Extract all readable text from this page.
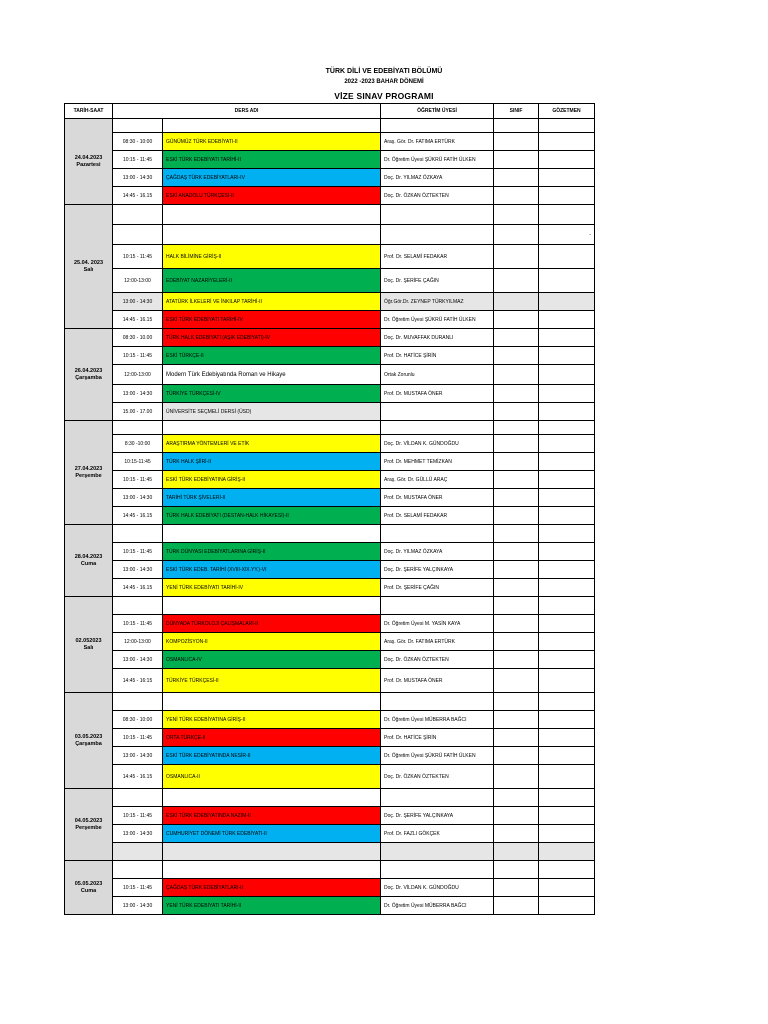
TÜRK DİLİ VE EDEBİYATI BÖLÜMÜ
2022 -2023 BAHAR DÖNEMİ
VİZE SINAV PROGRAMI
TARİH-SAAT	DERS ADI		ÖĞRETİM ÜYESİ	SINIF	GÖZETMEN

24.04.2023
Pazartesi					

	08:30 - 10:00	GÜNÜMÜZ TÜRK EDEBİYATI-II	Araş. Gör. Dr. FATIMA ERTÜRK		
	10:15 - 11:45	ESKİ TÜRK EDEBİYATI TARİHİ-II	Dr. Öğretim Üyesi ŞÜKRÜ FATİH ÜLKEN		
	13:00 - 14:30	ÇAĞDAŞ TÜRK EDEBİYATLARI-IV	Doç. Dr. YILMAZ ÖZKAYA		
	14:45 - 16.15	ESKİ ANADOLU TÜRKÇESİ-II	Doç. Dr. ÖZKAN ÖZTEKTEN		

25.04. 2023
Salı					

					-
	10:15 - 11:45	HALK BİLİMİNE GİRİŞ-II	Prof. Dr. SELAMİ FEDAKAR		
	12:00-13:00	EDEBİYAT NAZARİYELERİ-II	Doç. Dr. ŞERİFE ÇAĞIN		
	13:00 - 14:30	ATATÜRK İLKELERİ VE İNKILAP TARİHİ-II	Öğr.Gör.Dr. ZEYNEP TÜRKYILMAZ		
	14:45 - 16.15	ESKİ TÜRK EDEBİYATI TARİHİ-IV	Dr. Öğretim Üyesi ŞÜKRÜ FATİH ÜLKEN		

26.04.2023
Çarşamba	08:30 - 10.00	TÜRK HALK EDEBİYATI (AŞIK EDEBİYATI)-IV	Doç. Dr. MUVAFFAK DURANLI		
	10:15 - 11:45	ESKİ TÜRKÇE-II	Prof. Dr. HATİCE ŞİRİN		
	12:00-13:00	Modern Türk Edebiyatında Roman ve Hikaye	Ortak Zorunlu		
	13:00 - 14:30	TÜRKİYE TÜRKÇESİ-IV	Prof. Dr. MUSTAFA ÖNER		
	15.00 - 17.00	ÜNİVERSİTE SEÇMELİ DERSİ (ÜSD)			

27.04.2023
Perşembe					

	8:30 -10:00	ARAŞTIRMA YÖNTEMLERİ VE ETİK	Doç. Dr. VİLDAN K. GÜNDOĞDU		
	10:15-11:45	TÜRK HALK ŞİİRİ-II	Prof. Dr. MEHMET TEMİZKAN		
	10:15 - 11:45	ESKİ TÜRK EDEBİYATINA GİRİŞ-II	Araş. Gör. Dr. GÜLLÜ ARAÇ		
	13:00 - 14:30	TARİHİ TÜRK ŞİVELERİ-II	Prof. Dr. MUSTAFA ÖNER		
	14:45 - 16.15	TÜRK HALK EDEBİYATI (DESTAN-HALK HİKAYESİ)-II	Prof. Dr. SELAMİ FEDAKAR		

28.04.2023
Cuma					

	10:15 - 11:45	TÜRK DÜNYASI EDEBİYATLARINA GİRİŞ-II	Doç. Dr. YILMAZ ÖZKAYA		
	13:00 - 14:30	ESKİ TÜRK EDEB. TARİHİ (XVIII-XIX.YY.)-VI	Doç. Dr. ŞERİFE YALÇINKAYA		
	14:45 - 16.15	YENİ TÜRK EDEBİYATI TARİHİ-IV	Prof. Dr. ŞERİFE ÇAĞIN		

02.052023
Salı					

	10:15 - 11:45	DÜNYADA TÜRKOLOJİ ÇALIŞMALARI-II	Dr. Öğretim Üyesi M. YASİN KAYA		
	12:00-13:00	KOMPOZİSYON-II	Araş. Gör. Dr. FATIMA ERTÜRK		
	13:00 - 14:30	OSMANLICA-IV	Doç. Dr. ÖZKAN ÖZTEKTEN		
	14:45 - 16:15	TÜRKİYE TÜRKÇESİ-II	Prof. Dr. MUSTAFA ÖNER		

03.05.2023
Çarşamba					

	08:30 - 10:00	YENİ TÜRK EDEBİYATINA GİRİŞ-II	Dr. Öğretim Üyesi MÜBERRA BAĞCI		
	10:15 - 11:45	ORTA TÜRKÇE-II	Prof. Dr. HATİCE ŞİRİN		
	13:00 - 14:30	ESKİ TÜRK EDEBİYATINDA NESİR-II	Dr. Öğretim Üyesi ŞÜKRÜ FATİH ÜLKEN		
	14:45 - 16.15	OSMANLICA-II	Doç. Dr. ÖZKAN ÖZTEKTEN		

04.05.2023
Perşembe					

	10:15 - 11:45	ESKİ TÜRK EDEBİYATINDA NAZIM-II	Doç. Dr. ŞERİFE YALÇINKAYA		
	13:00 - 14:30	CUMHURİYET DÖNEMİ TÜRK EDEBİYATI-II	Prof. Dr. FAZLI GÖKÇEK		

05.05.2023
Cuma					

	10:15 - 11:45	ÇAĞDAŞ TÜRK EDEBİYATLARI-II	Doç. Dr. VİLDAN K. GÜNDOĞDU		
	13:00 - 14:30	YENİ TÜRK EDEBİYATI TARİHİ-II	Dr. Öğretim Üyesi MÜBERRA BAĞCI		
